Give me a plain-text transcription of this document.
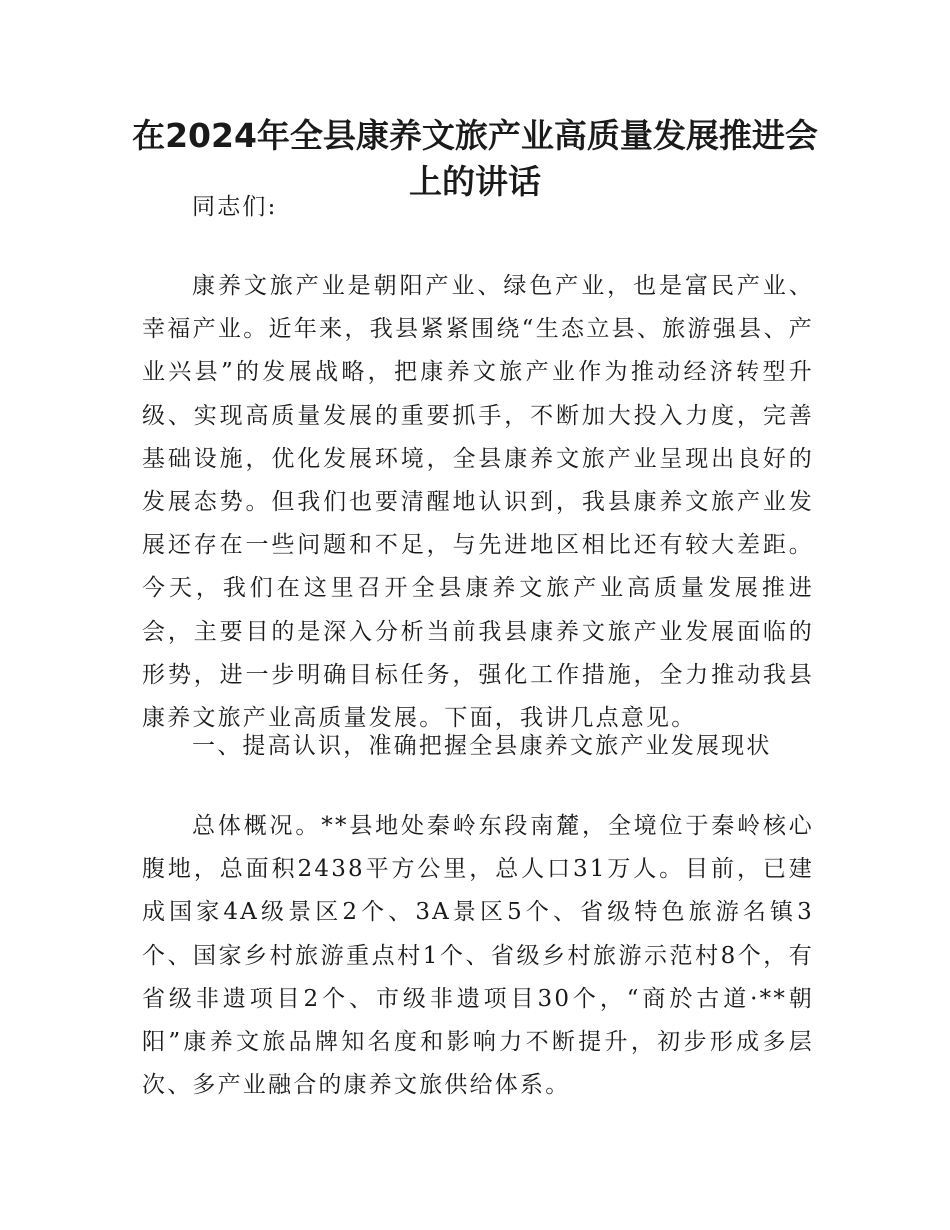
在2024年全县康养文旅产业高质量发展推进会
上的讲话

同志们:

康养文旅产业是朝阳产业、绿色产业，也是富民产业、幸福产业。近年来，我县紧紧围绕“生态立县、旅游强县、产业兴县”的发展战略，把康养文旅产业作为推动经济转型升级、实现高质量发展的重要抓手，不断加大投入力度，完善基础设施，优化发展环境，全县康养文旅产业呈现出良好的发展态势。但我们也要清醒地认识到，我县康养文旅产业发展还存在一些问题和不足，与先进地区相比还有较大差距。今天，我们在这里召开全县康养文旅产业高质量发展推进会，主要目的是深入分析当前我县康养文旅产业发展面临的形势，进一步明确目标任务，强化工作措施，全力推动我县康养文旅产业高质量发展。下面，我讲几点意见。

一、提高认识，准确把握全县康养文旅产业发展现状

总体概况。**县地处秦岭东段南麓，全境位于秦岭核心腹地，总面积2438平方公里，总人口31万人。目前，已建成国家4A级景区2个、3A景区5个、省级特色旅游名镇3个、国家乡村旅游重点村1个、省级乡村旅游示范村8个，有省级非遗项目2个、市级非遗项目30个，“商於古道·**朝阳”康养文旅品牌知名度和影响力不断提升，初步形成多层次、多产业融合的康养文旅供给体系。
